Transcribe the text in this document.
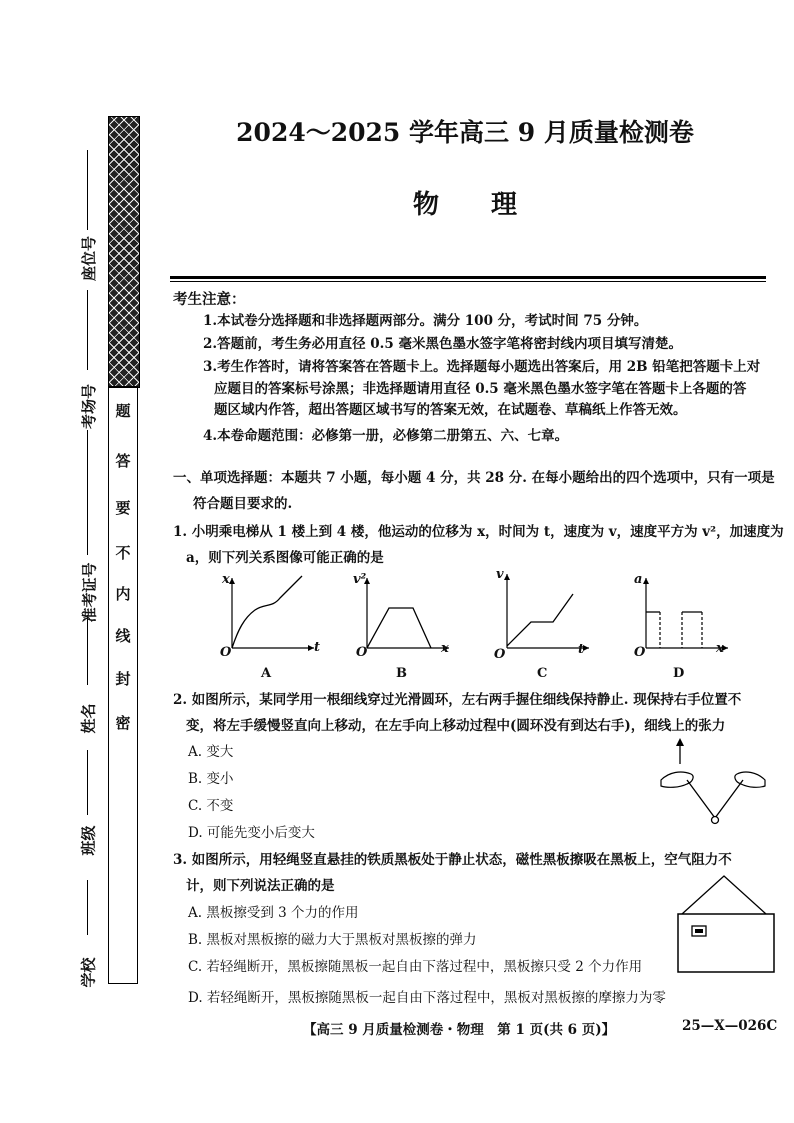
题
答
要
不
内
线
封
密
座位号
考场号
准考证号
姓名
班级
学校
2024～2025 学年高三 9 月质量检测卷
物　　理
考生注意：
1.本试卷分选择题和非选择题两部分。满分 100 分，考试时间 75 分钟。
2.答题前，考生务必用直径 0.5 毫米黑色墨水签字笔将密封线内项目填写清楚。
3.考生作答时，请将答案答在答题卡上。选择题每小题选出答案后，用 2B 铅笔把答题卡上对
应题目的答案标号涂黑；非选择题请用直径 0.5 毫米黑色墨水签字笔在答题卡上各题的答
题区域内作答，超出答题区域书写的答案无效，在试题卷、草稿纸上作答无效。
4.本卷命题范围：必修第一册，必修第二册第五、六、七章。
一、单项选择题：本题共 7 小题，每小题 4 分，共 28 分. 在每小题给出的四个选项中，只有一项是
符合题目要求的.
1. 小明乘电梯从 1 楼上到 4 楼，他运动的位移为 x，时间为 t，速度为 v，速度平方为 v²，加速度为
a，则下列关系图像可能正确的是
x
t
O
A
v²
x
O
B
v
t
O
C
a
x
O
D
2. 如图所示，某同学用一根细线穿过光滑圆环，左右两手握住细线保持静止. 现保持右手位置不
变，将左手缓慢竖直向上移动，在左手向上移动过程中(圆环没有到达右手)，细线上的张力
A. 变大
B. 变小
C. 不变
D. 可能先变小后变大
3. 如图所示，用轻绳竖直悬挂的铁质黑板处于静止状态，磁性黑板擦吸在黑板上，空气阻力不
计，则下列说法正确的是
A. 黑板擦受到 3 个力的作用
B. 黑板对黑板擦的磁力大于黑板对黑板擦的弹力
C. 若轻绳断开，黑板擦随黑板一起自由下落过程中，黑板擦只受 2 个力作用
D. 若轻绳断开，黑板擦随黑板一起自由下落过程中，黑板对黑板擦的摩擦力为零
【高三 9 月质量检测卷・物理　第 1 页(共 6 页)】	25—X—026C
